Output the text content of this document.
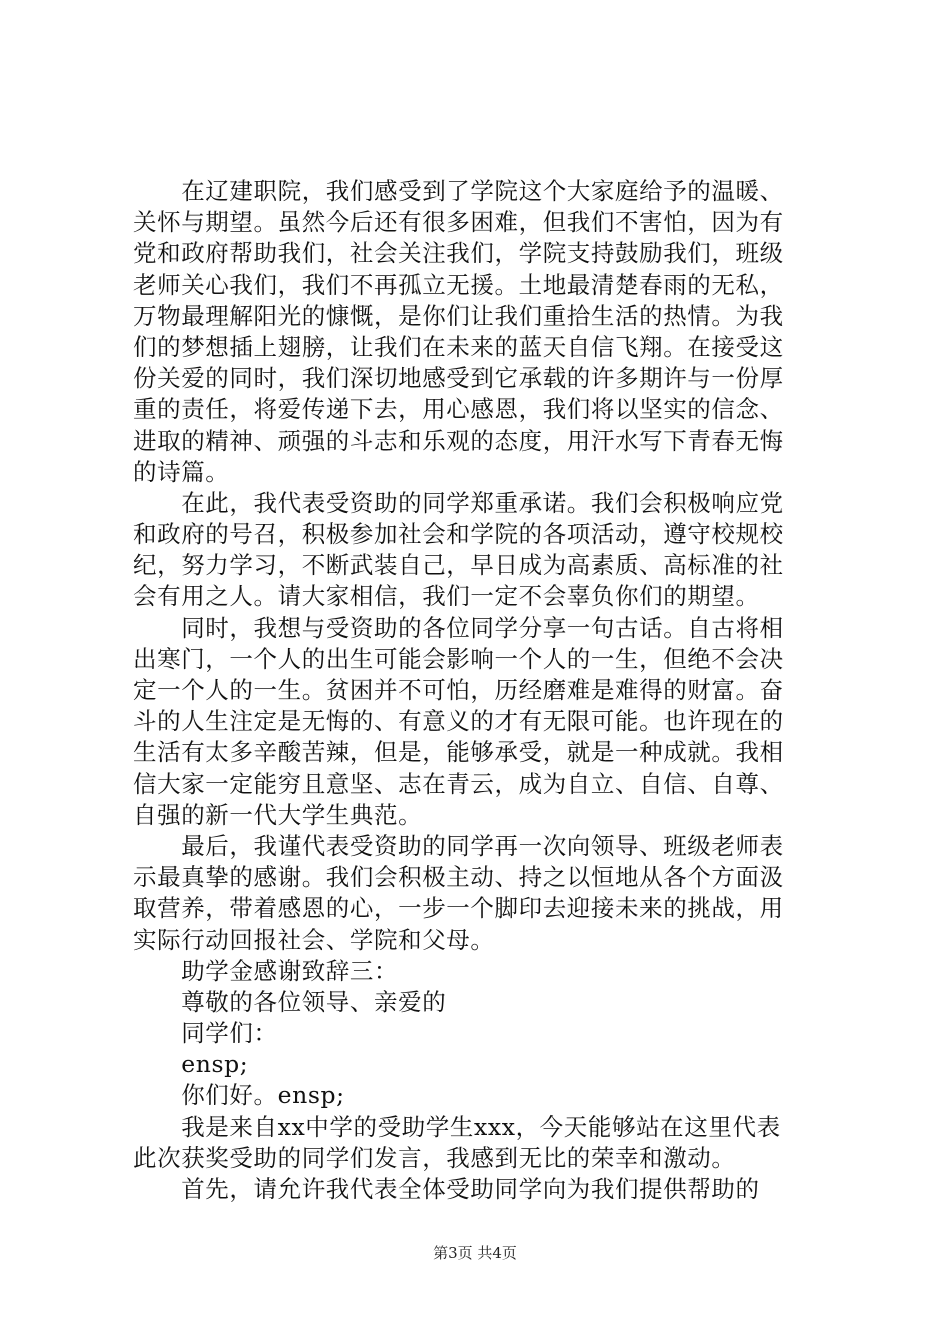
　　在辽建职院，我们感受到了学院这个大家庭给予的温暖、
关怀与期望。虽然今后还有很多困难，但我们不害怕，因为有
党和政府帮助我们，社会关注我们，学院支持鼓励我们，班级
老师关心我们，我们不再孤立无援。土地最清楚春雨的无私，
万物最理解阳光的慷慨，是你们让我们重拾生活的热情。为我
们的梦想插上翅膀，让我们在未来的蓝天自信飞翔。在接受这
份关爱的同时，我们深切地感受到它承载的许多期许与一份厚
重的责任，将爱传递下去，用心感恩，我们将以坚实的信念、
进取的精神、顽强的斗志和乐观的态度，用汗水写下青春无悔
的诗篇。
　　在此，我代表受资助的同学郑重承诺。我们会积极响应党
和政府的号召，积极参加社会和学院的各项活动，遵守校规校
纪，努力学习，不断武装自己，早日成为高素质、高标准的社
会有用之人。请大家相信，我们一定不会辜负你们的期望。
　　同时，我想与受资助的各位同学分享一句古话。自古将相
出寒门，一个人的出生可能会影响一个人的一生，但绝不会决
定一个人的一生。贫困并不可怕，历经磨难是难得的财富。奋
斗的人生注定是无悔的、有意义的才有无限可能。也许现在的
生活有太多辛酸苦辣，但是，能够承受，就是一种成就。我相
信大家一定能穷且意坚、志在青云，成为自立、自信、自尊、
自强的新一代大学生典范。
　　最后，我谨代表受资助的同学再一次向领导、班级老师表
示最真挚的感谢。我们会积极主动、持之以恒地从各个方面汲
取营养，带着感恩的心，一步一个脚印去迎接未来的挑战，用
实际行动回报社会、学院和父母。
　　助学金感谢致辞三：
　　尊敬的各位领导、亲爱的
　　同学们：
　　ensp;
　　你们好。ensp;
　　我是来自xx中学的受助学生xxx，今天能够站在这里代表
此次获奖受助的同学们发言，我感到无比的荣幸和激动。
　　首先，请允许我代表全体受助同学向为我们提供帮助的
第3页 共4页
